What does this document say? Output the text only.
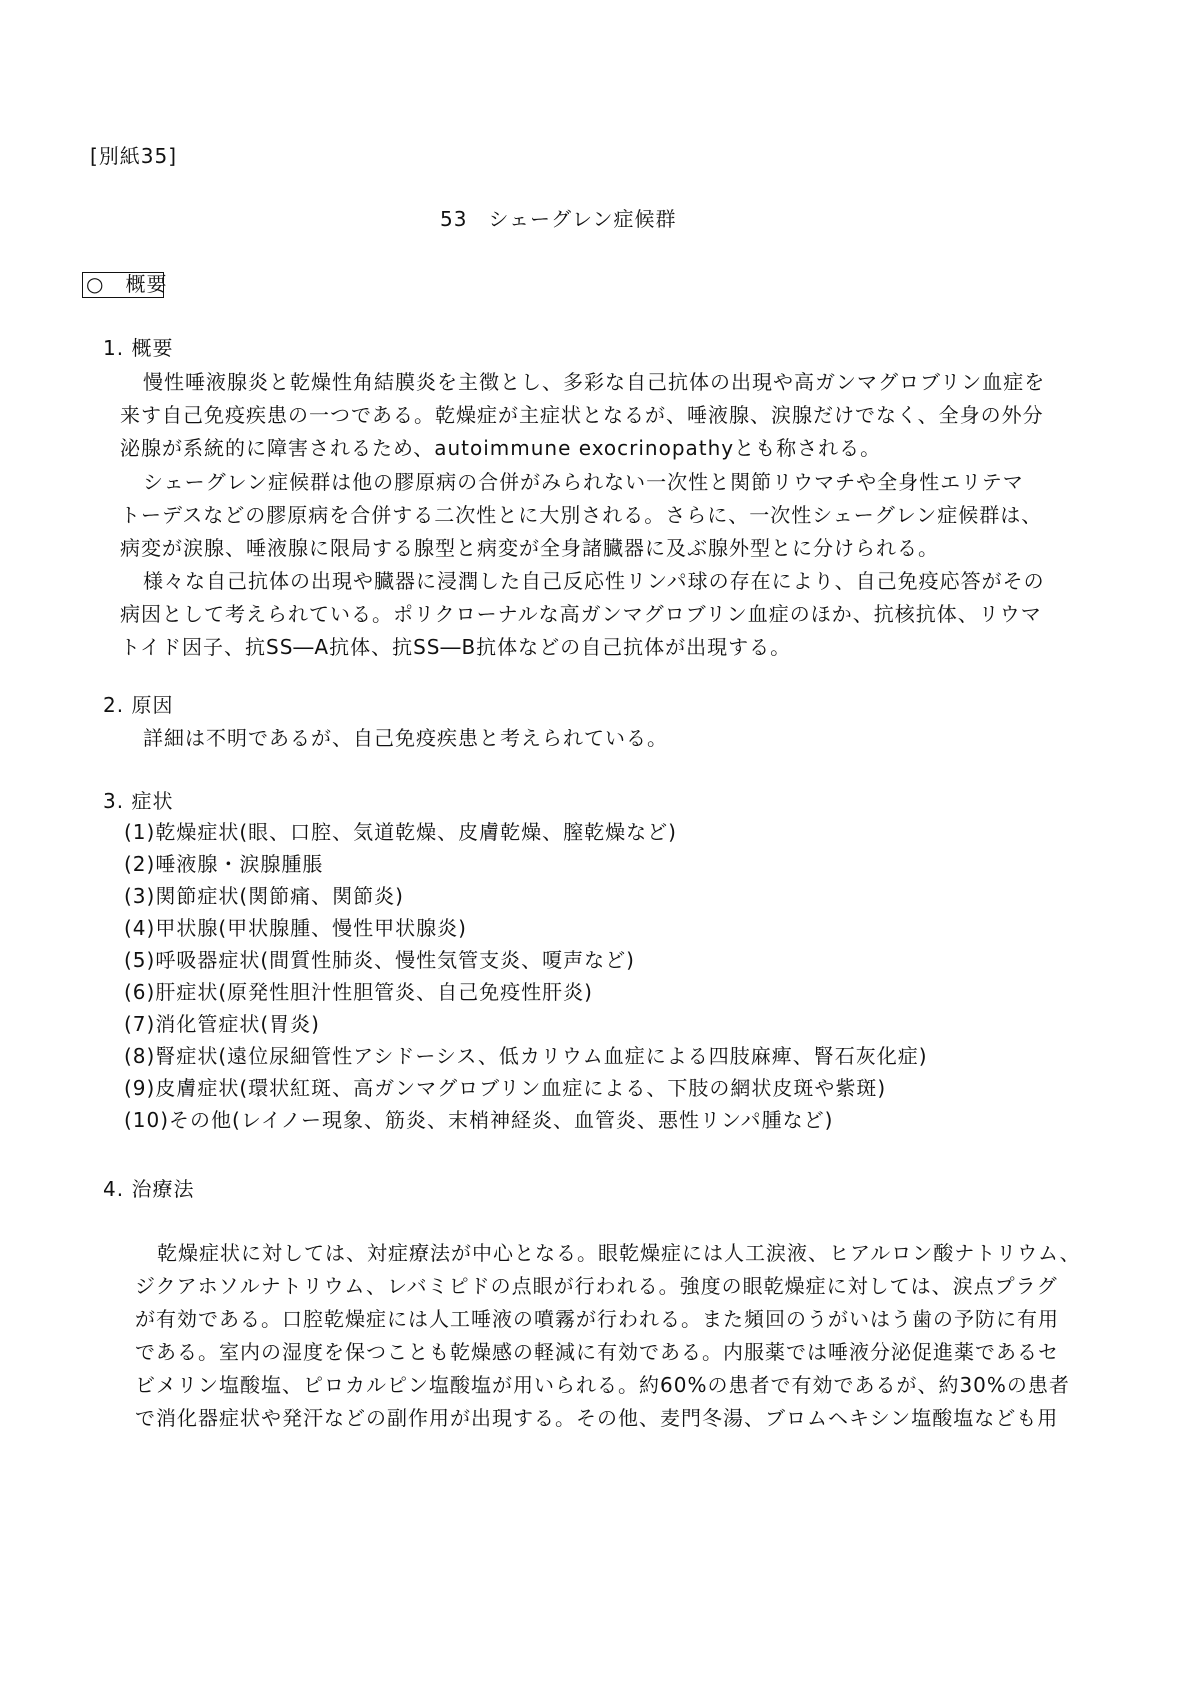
[別紙35]
53　シェーグレン症候群
○　概要
1. 概要
慢性唾液腺炎と乾燥性角結膜炎を主徴とし、多彩な自己抗体の出現や高ガンマグロブリン血症を
来す自己免疫疾患の一つである。乾燥症が主症状となるが、唾液腺、涙腺だけでなく、全身の外分
泌腺が系統的に障害されるため、autoimmune exocrinopathyとも称される。
シェーグレン症候群は他の膠原病の合併がみられない一次性と関節リウマチや全身性エリテマ
トーデスなどの膠原病を合併する二次性とに大別される。さらに、一次性シェーグレン症候群は、
病変が涙腺、唾液腺に限局する腺型と病変が全身諸臓器に及ぶ腺外型とに分けられる。
様々な自己抗体の出現や臓器に浸潤した自己反応性リンパ球の存在により、自己免疫応答がその
病因として考えられている。ポリクローナルな高ガンマグロブリン血症のほか、抗核抗体、リウマ
トイド因子、抗SS―A抗体、抗SS―B抗体などの自己抗体が出現する。
2. 原因
詳細は不明であるが、自己免疫疾患と考えられている。
3. 症状
(1)乾燥症状(眼、口腔、気道乾燥、皮膚乾燥、膣乾燥など)
(2)唾液腺・涙腺腫脹
(3)関節症状(関節痛、関節炎)
(4)甲状腺(甲状腺腫、慢性甲状腺炎)
(5)呼吸器症状(間質性肺炎、慢性気管支炎、嗄声など)
(6)肝症状(原発性胆汁性胆管炎、自己免疫性肝炎)
(7)消化管症状(胃炎)
(8)腎症状(遠位尿細管性アシドーシス、低カリウム血症による四肢麻痺、腎石灰化症)
(9)皮膚症状(環状紅斑、高ガンマグロブリン血症による、下肢の網状皮斑や紫斑)
(10)その他(レイノー現象、筋炎、末梢神経炎、血管炎、悪性リンパ腫など)
4. 治療法
乾燥症状に対しては、対症療法が中心となる。眼乾燥症には人工涙液、ヒアルロン酸ナトリウム、
ジクアホソルナトリウム、レバミピドの点眼が行われる。強度の眼乾燥症に対しては、涙点プラグ
が有効である。口腔乾燥症には人工唾液の噴霧が行われる。また頻回のうがいはう歯の予防に有用
である。室内の湿度を保つことも乾燥感の軽減に有効である。内服薬では唾液分泌促進薬であるセ
ビメリン塩酸塩、ピロカルピン塩酸塩が用いられる。約60%の患者で有効であるが、約30%の患者
で消化器症状や発汗などの副作用が出現する。その他、麦門冬湯、ブロムヘキシン塩酸塩なども用
